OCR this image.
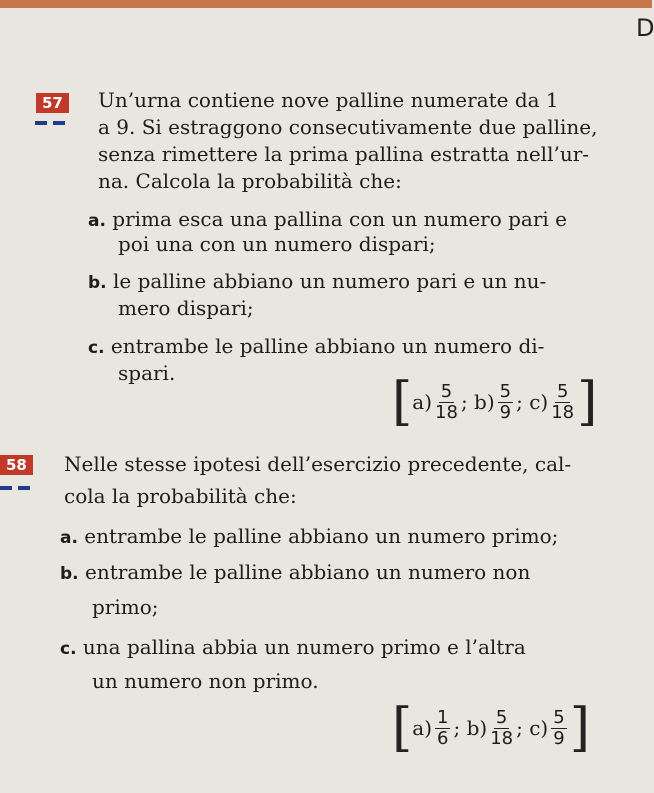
D
57	Un’urna contiene nove palline numerate da 1
a 9. Si estraggono consecutivamente due palline,
senza rimettere la prima pallina estratta nell’ur-
na. Calcola la probabilità che:
a. prima esca una pallina con un numero pari e
poi una con un numero dispari;
b. le palline abbiano un numero pari e un nu-
mero dispari;
c. entrambe le palline abbiano un numero di-
spari.	[ $a) \frac{5}{18}$ ;
$b) \frac{5}{9}$ ;
$c) \frac{5}{18}$ ]
58	Nelle stesse ipotesi dell’esercizio precedente, cal-
cola la probabilità che:
a. entrambe le palline abbiano un numero primo;
b. entrambe le palline abbiano un numero non
primo;
c. una pallina abbia un numero primo e l’altra
un numero non primo.
[ $a) \frac{1}{6}$ ;
$b) \frac{5}{18}$ ;
$c) \frac{5}{9}$ ]
